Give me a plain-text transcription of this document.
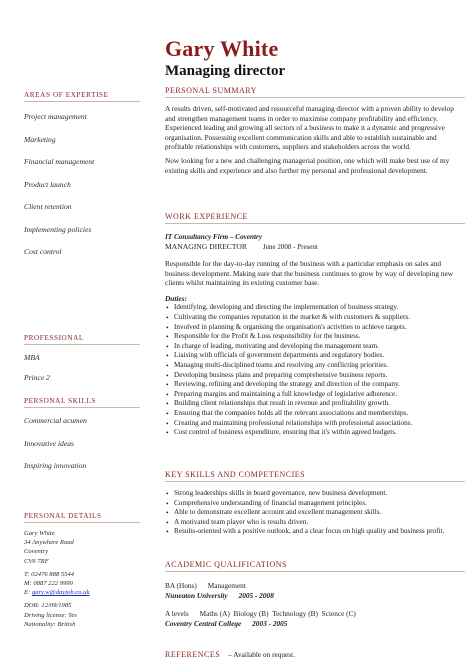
AREAS OF EXPERTISE
Project management
Marketing
Financial management
Product launch
Client retention
Implementing policies
Cost control
PROFESSIONAL
MBA
Prince 2
PERSONAL SKILLS
Commercial acumen
Innovative ideas
Inspiring innovation
PERSONAL DETAILS
Gary White
34 Anywhere Road
Coventry
CV6 7RF
T: 02476 888 5544
M: 0887 222 9999
E: gary.w@dayjob.co.uk
DOB: 12/09/1985
Driving license: Yes
Nationality: British
Gary White
Managing director
PERSONAL SUMMARY

A results driven, self-motivated and resourceful managing director with a proven ability to develop and strengthen management teams in order to maximise company profitability and efficiency. Experienced leading and growing all sectors of a business to make it a dynamic and progressive organisation. Possessing excellent communication skills and able to establish sustainable and profitable relationships with customers, suppliers and stakeholders across the world.

Now looking for a new and challenging managerial position, one which will make best use of my existing skills and experience and also further my personal and professional development.

WORK EXPERIENCE
IT Consultancy Firm – Coventry
MANAGING DIRECTOR June 2008 - Present

Responsible for the day-to-day running of the business with a particular emphasis on sales and business development. Making sure that the business continues to grow by way of developing new clients whilst maintaining its existing customer base.

Duties:
• Identifying, developing and directing the implementation of business strategy.
• Cultivating the companies reputation in the market & with customers & suppliers.
• Involved in planning & organising the organisation's activities to achieve targets.
• Responsible for the Profit & Loss responsibility for the business.
• In charge of leading, motivating and developing the management team.
• Liaising with officials of government departments and regulatory bodies.
• Managing multi-disciplined teams and resolving any conflicting priorities.
• Developing business plans and preparing comprehensive business reports.
• Reviewing, refining and developing the strategy and direction of the company.
• Preparing margins and maintaining a full knowledge of legislative adherence.
• Building client relationships that result in revenue and profitability growth.
• Ensuring that the companies holds all the relevant associations and memberships.
• Creating and maintaining professional relationships with professional associations.
• Cost control of business expenditure, ensuring that it's within agreed budgets.
KEY SKILLS AND COMPETENCIES
• Strong leaderships skills in board governance, new business development.
• Comprehensive understanding of financial management principles.
• Able to demonstrate excellent account and excellent management skills.
• A motivated team player who is results driven.
• Results-oriented with a positive outlook, and a clear focus on high quality and business profit.
ACADEMIC QUALIFICATIONS
BA (Hons)      Management
Nuneaton University      2005 - 2008
A levels      Maths (A)  Biology (B)  Technology (B)  Science (C)
Coventry Central College      2003 - 2005
REFERENCES – Available on request.
